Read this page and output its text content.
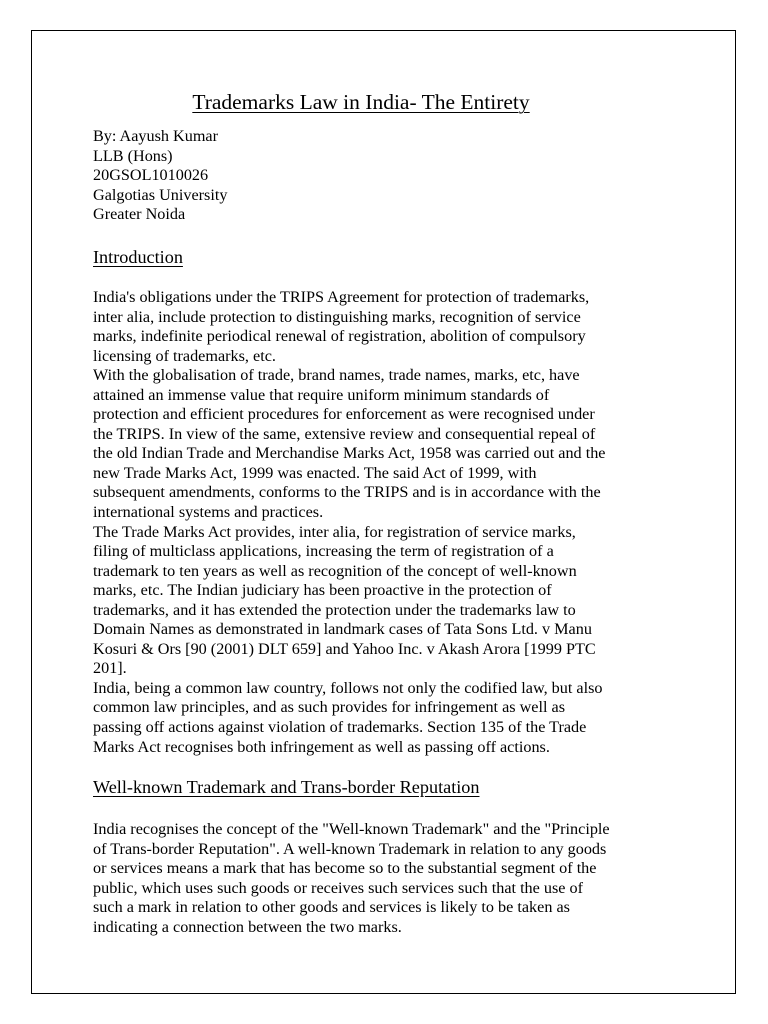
Trademarks Law in India- The Entirety
By: Aayush Kumar
LLB (Hons)
20GSOL1010026
Galgotias University
Greater Noida
Introduction
India's obligations under the TRIPS Agreement for protection of trademarks,
inter alia, include protection to distinguishing marks, recognition of service
marks, indefinite periodical renewal of registration, abolition of compulsory
licensing of trademarks, etc.
With the globalisation of trade, brand names, trade names, marks, etc, have
attained an immense value that require uniform minimum standards of
protection and efficient procedures for enforcement as were recognised under
the TRIPS. In view of the same, extensive review and consequential repeal of
the old Indian Trade and Merchandise Marks Act, 1958 was carried out and the
new Trade Marks Act, 1999 was enacted. The said Act of 1999, with
subsequent amendments, conforms to the TRIPS and is in accordance with the
international systems and practices.
The Trade Marks Act provides, inter alia, for registration of service marks,
filing of multiclass applications, increasing the term of registration of a
trademark to ten years as well as recognition of the concept of well-known
marks, etc. The Indian judiciary has been proactive in the protection of
trademarks, and it has extended the protection under the trademarks law to
Domain Names as demonstrated in landmark cases of Tata Sons Ltd. v Manu
Kosuri & Ors [90 (2001) DLT 659] and Yahoo Inc. v Akash Arora [1999 PTC
201].
India, being a common law country, follows not only the codified law, but also
common law principles, and as such provides for infringement as well as
passing off actions against violation of trademarks. Section 135 of the Trade
Marks Act recognises both infringement as well as passing off actions.
Well-known Trademark and Trans-border Reputation
India recognises the concept of the "Well-known Trademark" and the "Principle
of Trans-border Reputation". A well-known Trademark in relation to any goods
or services means a mark that has become so to the substantial segment of the
public, which uses such goods or receives such services such that the use of
such a mark in relation to other goods and services is likely to be taken as
indicating a connection between the two marks.
